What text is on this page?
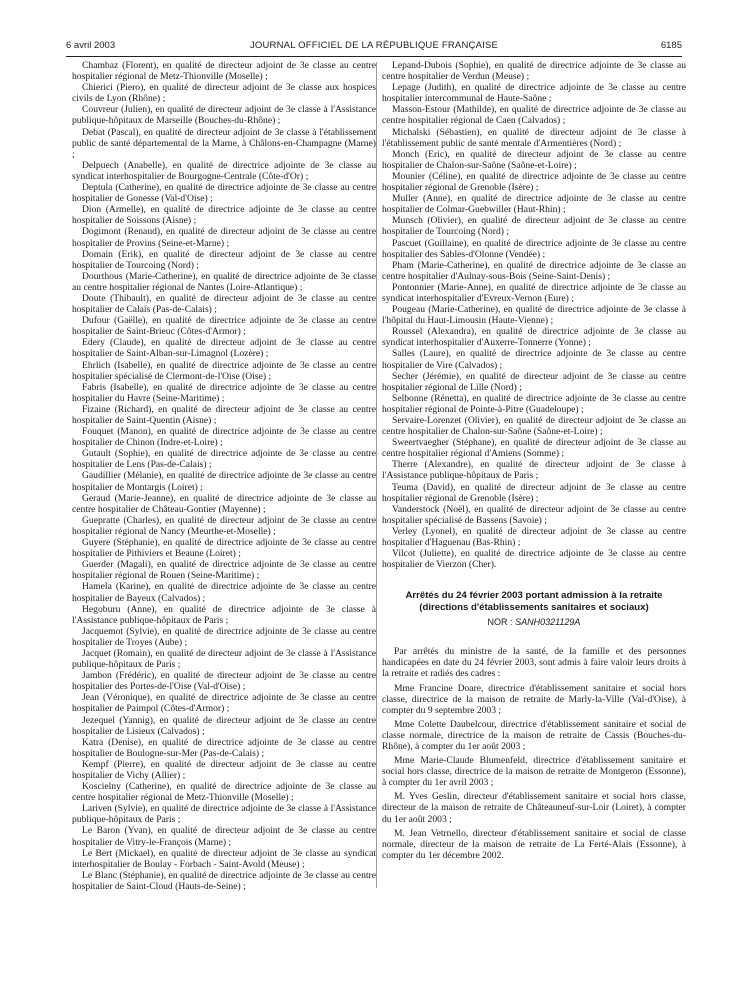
6 avril 2003	JOURNAL OFFICIEL DE LA RÉPUBLIQUE FRANÇAISE	6185

Chambaz (Florent), en qualité de directeur adjoint de 3e classe au centre hospitalier régional de Metz-Thionville (Moselle) ;

Chierici (Piero), en qualité de directeur adjoint de 3e classe aux hospices civils de Lyon (Rhône) ;

Couvreur (Julien), en qualité de directeur adjoint de 3e classe à l'Assistance publique-hôpitaux de Marseille (Bouches-du-Rhône) ;

Debat (Pascal), en qualité de directeur adjoint de 3e classe à l'établissement public de santé départemental de la Marne, à Châlons-en-Champagne (Marne) ;

Delpuech (Anabelle), en qualité de directrice adjointe de 3e classe au syndicat interhospitalier de Bourgogne-Centrale (Côte-d'Or) ;

Deptula (Catherine), en qualité de directrice adjointe de 3e classe au centre hospitalier de Gonesse (Val-d'Oise) ;

Dion (Armelle), en qualité de directrice adjointe de 3e classe au centre hospitalier de Soissons (Aisne) ;

Dogimont (Renaud), en qualité de directeur adjoint de 3e classe au centre hospitalier de Provins (Seine-et-Marne) ;

Domain (Erik), en qualité de directeur adjoint de 3e classe au centre hospitalier de Tourcoing (Nord) ;

Dourthous (Marie-Catherine), en qualité de directrice adjointe de 3e classe au centre hospitalier régional de Nantes (Loire-Atlantique) ;

Doute (Thibault), en qualité de directeur adjoint de 3e classe au centre hospitalier de Calais (Pas-de-Calais) ;

Dufour (Gaëlle), en qualité de directrice adjointe de 3e classe au centre hospitalier de Saint-Brieuc (Côtes-d'Armor) ;

Edery (Claude), en qualité de directeur adjoint de 3e classe au centre hospitalier de Saint-Alban-sur-Limagnol (Lozère) ;

Ehrlich (Isabelle), en qualité de directrice adjointe de 3e classe au centre hospitalier spécialisé de Clermont-de-l'Oise (Oise) ;

Fabris (Isabelle), en qualité de directrice adjointe de 3e classe au centre hospitalier du Havre (Seine-Maritime) ;

Fizaine (Richard), en qualité de directeur adjoint de 3e classe au centre hospitalier de Saint-Quentin (Aisne) ;

Fouquet (Manon), en qualité de directrice adjointe de 3e classe au centre hospitalier de Chinon (Indre-et-Loire) ;

Gutault (Sophie), en qualité de directrice adjointe de 3e classe au centre hospitalier de Lens (Pas-de-Calais) ;

Gaudillier (Mélanie), en qualité de directrice adjointe de 3e classe au centre hospitalier de Montargis (Loiret) ;

Geraud (Marie-Jeanne), en qualité de directrice adjointe de 3e classe au centre hospitalier de Château-Gontier (Mayenne) ;

Guepratte (Charles), en qualité de directeur adjoint de 3e classe au centre hospitalier régional de Nancy (Meurthe-et-Moselle) ;

Guyere (Stéphanie), en qualité de directrice adjointe de 3e classe au centre hospitalier de Pithiviers et Beaune (Loiret) ;

Guerder (Magali), en qualité de directrice adjointe de 3e classe au centre hospitalier régional de Rouen (Seine-Maritime) ;

Hamela (Karine), en qualité de directrice adjointe de 3e classe au centre hospitalier de Bayeux (Calvados) ;

Hegoburu (Anne), en qualité de directrice adjointe de 3e classe à l'Assistance publique-hôpitaux de Paris ;

Jacquemot (Sylvie), en qualité de directrice adjointe de 3e classe au centre hospitalier de Troyes (Aube) ;

Jacquet (Romain), en qualité de directeur adjoint de 3e classe à l'Assistance publique-hôpitaux de Paris ;

Jambon (Frédéric), en qualité de directeur adjoint de 3e classe au centre hospitalier des Portes-de-l'Oise (Val-d'Oise) ;

Jean (Véronique), en qualité de directrice adjointe de 3e classe au centre hospitalier de Paimpol (Côtes-d'Armor) ;

Jezequel (Yannig), en qualité de directeur adjoint de 3e classe au centre hospitalier de Lisieux (Calvados) ;

Katra (Denise), en qualité de directrice adjointe de 3e classe au centre hospitalier de Boulogne-sur-Mer (Pas-de-Calais) ;

Kempf (Pierre), en qualité de directeur adjoint de 3e classe au centre hospitalier de Vichy (Allier) ;

Koscielny (Catherine), en qualité de directrice adjointe de 3e classe au centre hospitalier régional de Metz-Thionville (Moselle) ;

Lariven (Sylvie), en qualité de directrice adjointe de 3e classe à l'Assistance publique-hôpitaux de Paris ;

Le Baron (Yvan), en qualité de directeur adjoint de 3e classe au centre hospitalier de Vitry-le-François (Marne) ;

Le Bert (Mickael), en qualité de directeur adjoint de 3e classe au syndicat interhospitalier de Boulay - Forbach - Saint-Avold (Meuse) ;

Le Blanc (Stéphanie), en qualité de directrice adjointe de 3e classe au centre hospitalier de Saint-Cloud (Hauts-de-Seine) ;

Lepand-Dubois (Sophie), en qualité de directrice adjointe de 3e classe au centre hospitalier de Verdun (Meuse) ;

Lepage (Judith), en qualité de directrice adjointe de 3e classe au centre hospitalier intercommunal de Haute-Saône ;

Masson-Estour (Mathilde), en qualité de directrice adjointe de 3e classe au centre hospitalier régional de Caen (Calvados) ;

Michalski (Sébastien), en qualité de directeur adjoint de 3e classe à l'établissement public de santé mentale d'Armentières (Nord) ;

Monch (Eric), en qualité de directeur adjoint de 3e classe au centre hospitalier de Chalon-sur-Saône (Saône-et-Loire) ;

Mounier (Céline), en qualité de directrice adjointe de 3e classe au centre hospitalier régional de Grenoble (Isère) ;

Muller (Anne), en qualité de directrice adjointe de 3e classe au centre hospitalier de Colmar-Guebwiller (Haut-Rhin) ;

Munsch (Olivier), en qualité de directeur adjoint de 3e classe au centre hospitalier de Tourcoing (Nord) ;

Pascuet (Guillaine), en qualité de directrice adjointe de 3e classe au centre hospitalier des Sables-d'Olonne (Vendée) ;

Pham (Marie-Catherine), en qualité de directrice adjointe de 3e classe au centre hospitalier d'Aulnay-sous-Bois (Seine-Saint-Denis) ;

Pontonnier (Marie-Anne), en qualité de directrice adjointe de 3e classe au syndicat interhospitalier d'Evreux-Vernon (Eure) ;

Pougeau (Marie-Catherine), en qualité de directrice adjointe de 3e classe à l'hôpital du Haut-Limousin (Haute-Vienne) ;

Roussel (Alexandra), en qualité de directrice adjointe de 3e classe au syndicat interhospitalier d'Auxerre-Tonnerre (Yonne) ;

Salles (Laure), en qualité de directrice adjointe de 3e classe au centre hospitalier de Vire (Calvados) ;

Secher (Jérémie), en qualité de directeur adjoint de 3e classe au centre hospitalier régional de Lille (Nord) ;

Selbonne (Rénetta), en qualité de directrice adjointe de 3e classe au centre hospitalier régional de Pointe-à-Pitre (Guadeloupe) ;

Servaire-Lorenzet (Olivier), en qualité de directeur adjoint de 3e classe au centre hospitalier de Chalon-sur-Saône (Saône-et-Loire) ;

Sweertvaegher (Stéphane), en qualité de directeur adjoint de 3e classe au centre hospitalier régional d'Amiens (Somme) ;

Therre (Alexandre), en qualité de directeur adjoint de 3e classe à l'Assistance publique-hôpitaux de Paris ;

Teuma (David), en qualité de directeur adjoint de 3e classe au centre hospitalier régional de Grenoble (Isère) ;

Vanderstock (Noël), en qualité de directeur adjoint de 3e classe au centre hospitalier spécialisé de Bassens (Savoie) ;

Verley (Lyonel), en qualité de directeur adjoint de 3e classe au centre hospitalier d'Haguenau (Bas-Rhin) ;

Vilcot (Juliette), en qualité de directrice adjointe de 3e classe au centre hospitalier de Vierzon (Cher).

Arrêtés du 24 février 2003 portant admission à la retraite
(directions d'établissements sanitaires et sociaux)
NOR : SANH0321129A

Par arrêtés du ministre de la santé, de la famille et des personnes handicapées en date du 24 février 2003, sont admis à faire valoir leurs droits à la retraite et radiés des cadres :

Mme Francine Doare, directrice d'établissement sanitaire et social hors classe, directrice de la maison de retraite de Marly-la-Ville (Val-d'Oise), à compter du 9 septembre 2003 ;

Mme Colette Daubelcour, directrice d'établissement sanitaire et social de classe normale, directrice de la maison de retraite de Cassis (Bouches-du-Rhône), à compter du 1er août 2003 ;

Mme Marie-Claude Blumenfeld, directrice d'établissement sanitaire et social hors classe, directrice de la maison de retraite de Montgeron (Essonne), à compter du 1er avril 2003 ;

M. Yves Geslin, directeur d'établissement sanitaire et social hors classe, directeur de la maison de retraite de Châteauneuf-sur-Loir (Loiret), à compter du 1er août 2003 ;

M. Jean Vetrnello, directeur d'établissement sanitaire et social de classe normale, directeur de la maison de retraite de La Ferté-Alais (Essonne), à compter du 1er décembre 2002.
